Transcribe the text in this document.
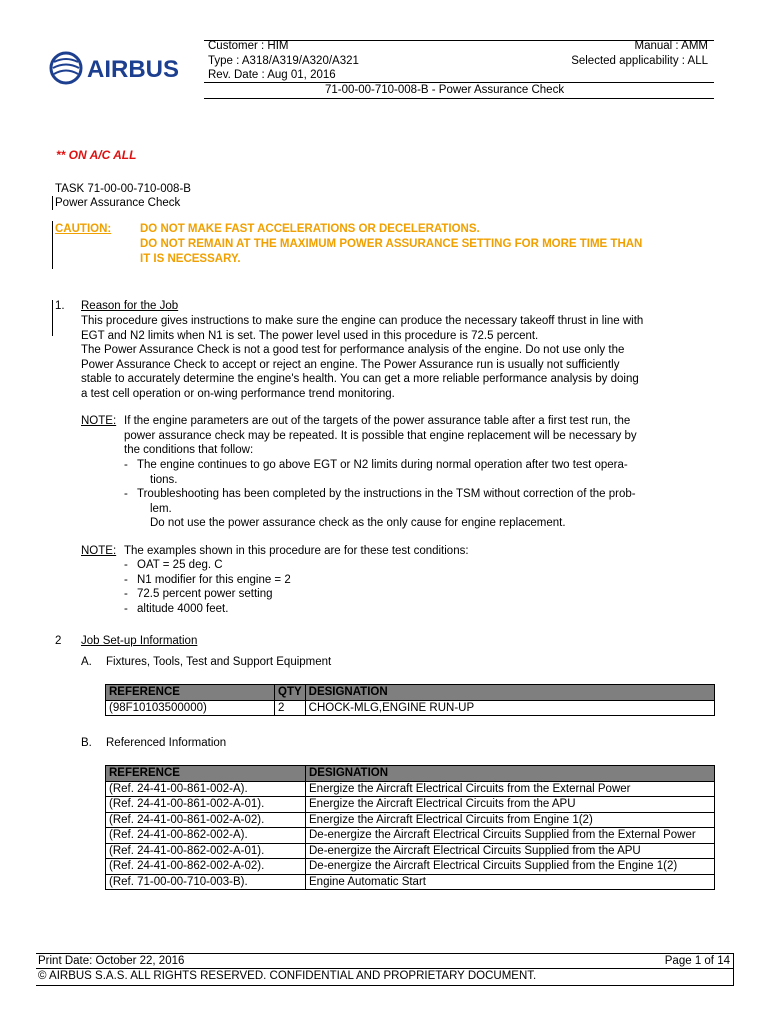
AIRBUS
Customer : HIM	Manual : AMM
Type : A318/A319/A320/A321	Selected applicability : ALL
Rev. Date : Aug 01, 2016
71-00-00-710-008-B - Power Assurance Check
** ON A/C ALL
TASK 71-00-00-710-008-B
Power Assurance Check
CAUTION:	DO NOT MAKE FAST ACCELERATIONS OR DECELERATIONS.
DO NOT REMAIN AT THE MAXIMUM POWER ASSURANCE SETTING FOR MORE TIME THAN
IT IS NECESSARY.
1. Reason for the Job
This procedure gives instructions to make sure the engine can produce the necessary takeoff thrust in line with
EGT and N2 limits when N1 is set. The power level used in this procedure is 72.5 percent.
The Power Assurance Check is not a good test for performance analysis of the engine. Do not use only the
Power Assurance Check to accept or reject an engine. The Power Assurance run is usually not sufficiently
stable to accurately determine the engine's health. You can get a more reliable performance analysis by doing
a test cell operation or on-wing performance trend monitoring.
NOTE: If the engine parameters are out of the targets of the power assurance table after a first test run, the
power assurance check may be repeated. It is possible that engine replacement will be necessary by
the conditions that follow:
- The engine continues to go above EGT or N2 limits during normal operation after two test opera-
tions.
- Troubleshooting has been completed by the instructions in the TSM without correction of the prob-
lem.
Do not use the power assurance check as the only cause for engine replacement.
NOTE: The examples shown in this procedure are for these test conditions:
- OAT = 25 deg. C
- N1 modifier for this engine = 2
- 72.5 percent power setting
- altitude 4000 feet.
2 Job Set-up Information
A. Fixtures, Tools, Test and Support Equipment
REFERENCE	QTY	DESIGNATION
(98F10103500000)	2	CHOCK-MLG,ENGINE RUN-UP
B. Referenced Information
REFERENCE	DESIGNATION
(Ref. 24-41-00-861-002-A).	Energize the Aircraft Electrical Circuits from the External Power
(Ref. 24-41-00-861-002-A-01).	Energize the Aircraft Electrical Circuits from the APU
(Ref. 24-41-00-861-002-A-02).	Energize the Aircraft Electrical Circuits from Engine 1(2)
(Ref. 24-41-00-862-002-A).	De-energize the Aircraft Electrical Circuits Supplied from the External Power
(Ref. 24-41-00-862-002-A-01).	De-energize the Aircraft Electrical Circuits Supplied from the APU
(Ref. 24-41-00-862-002-A-02).	De-energize the Aircraft Electrical Circuits Supplied from the Engine 1(2)
(Ref. 71-00-00-710-003-B).	Engine Automatic Start
Print Date: October 22, 2016	Page 1 of 14
© AIRBUS S.A.S. ALL RIGHTS RESERVED. CONFIDENTIAL AND PROPRIETARY DOCUMENT.
